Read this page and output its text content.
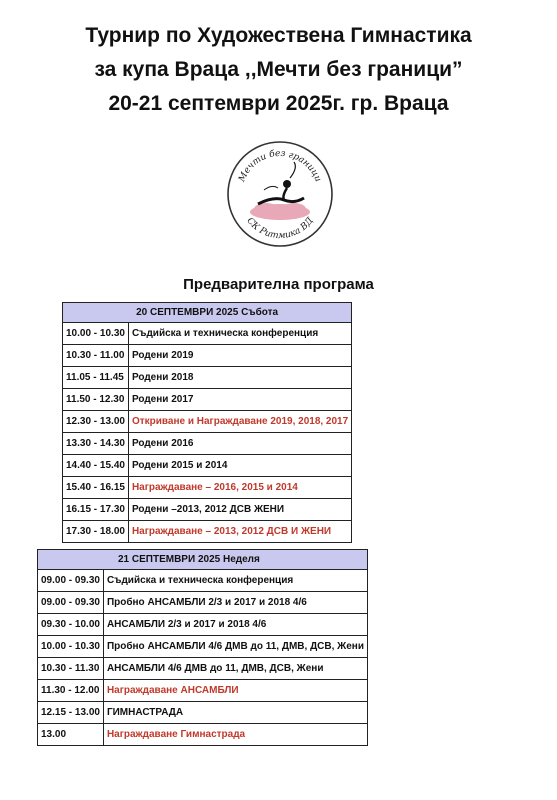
Турнир по Художествена Гимнастика
за купа Враца ,,Мечти без граници”
20-21 септември 2025г. гр. Враца
Мечти без граници
СК Ритмика ВД
Предварителна програма
20 СЕПТЕМВРИ 2025 Събота	
10.00 - 10.30	Съдийска и техническа конференция
10.30 - 11.00	Родени 2019
11.05 - 11.45	Родени 2018
11.50 - 12.30	Родени 2017
12.30 - 13.00	Откриване и Награждаване 2019, 2018, 2017
13.30 - 14.30	Родени 2016
14.40 - 15.40	Родени 2015 и 2014
15.40 - 16.15	Награждаване – 2016, 2015 и 2014
16.15 - 17.30	Родени –2013, 2012 ДСВ ЖЕНИ
17.30 - 18.00	Награждаване – 2013, 2012 ДСВ И ЖЕНИ
21 СЕПТЕМВРИ 2025 Неделя	
09.00 - 09.30	Съдийска и техническа конференция
09.00 - 09.30	Пробно АНСАМБЛИ 2/3 и 2017 и 2018 4/6
09.30 - 10.00	АНСАМБЛИ 2/3 и 2017 и 2018 4/6
10.00 - 10.30	Пробно АНСАМБЛИ 4/6 ДМВ до 11, ДМВ, ДСВ, Жени
10.30 - 11.30	АНСАМБЛИ 4/6 ДМВ до 11, ДМВ, ДСВ, Жени
11.30 - 12.00	Награждаване АНСАМБЛИ
12.15 - 13.00	ГИМНАСТРАДА
13.00	Награждаване Гимнастрада
